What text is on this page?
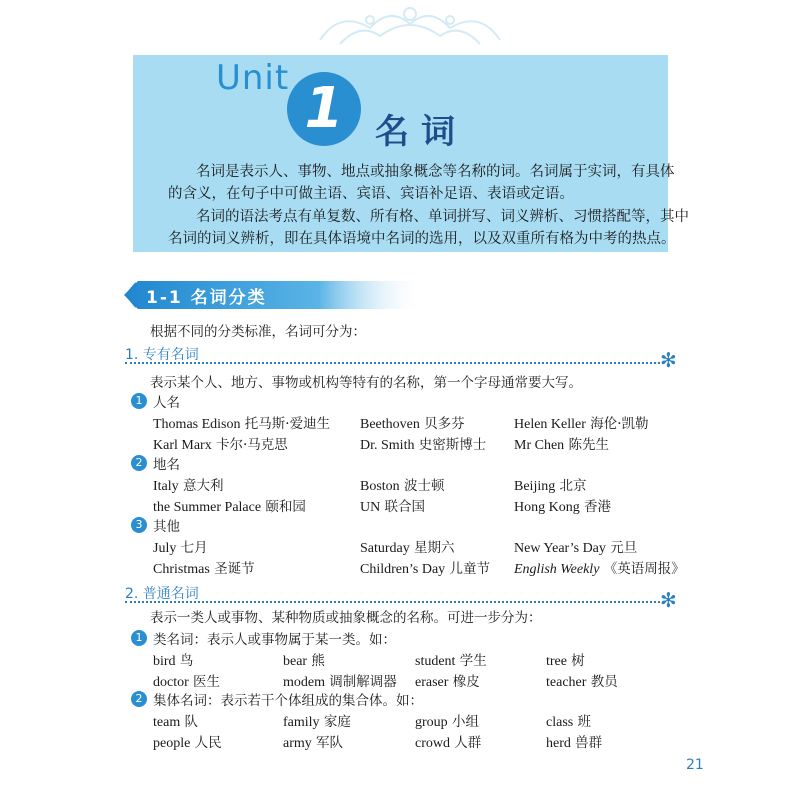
Unit 1 名词
名词是表示人、事物、地点或抽象概念等名称的词。名词属于实词，有具体
的含义，在句子中可做主语、宾语、宾语补足语、表语或定语。
名词的语法考点有单复数、所有格、单词拼写、词义辨析、习惯搭配等，其中
名词的词义辨析，即在具体语境中名词的选用，以及双重所有格为中考的热点。
1-1 名词分类
根据不同的分类标准，名词可分为：
1. 专有名词	✻
表示某个人、地方、事物或机构等特有的名称，第一个字母通常要大写。
1 人名
Thomas Edison 托马斯·爱迪生 Beethoven 贝多芬	Helen Keller 海伦·凯勒
Karl Marx 卡尔·马克思	Dr. Smith 史密斯博士 Mr Chen 陈先生
2 地名
Italy 意大利	Boston 波士顿	Beijing 北京
the Summer Palace 颐和园	UN 联合国	Hong Kong 香港
3 其他
July 七月	Saturday 星期六	New Year’s Day 元旦
Christmas 圣诞节	Children’s Day 儿童节 English Weekly 《英语周报》
2. 普通名词	✻
表示一类人或事物、某种物质或抽象概念的名称。可进一步分为：
1 类名词：表示人或事物属于某一类。如：
bird 鸟	bear 熊	student 学生	tree 树
doctor 医生	modem 调制解调器 eraser 橡皮	teacher 教员
2 集体名词：表示若干个体组成的集合体。如：
team 队	family 家庭	group 小组	class 班
people 人民	army 军队	crowd 人群	herd 兽群
21
